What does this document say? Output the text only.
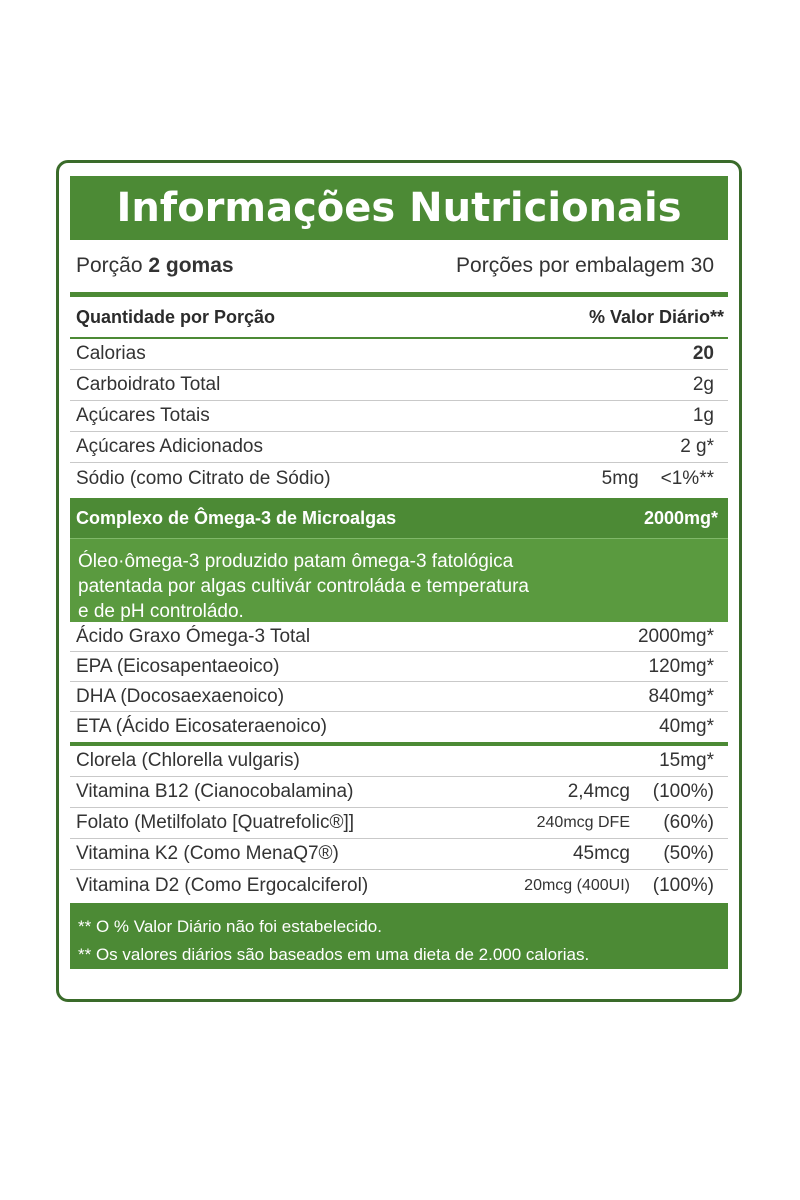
Informações Nutricionais
Porção 2 gomas	Porções por embalagem 30
Quantidade por Porção	% Valor Diário**
Calorias	20
Carboidrato Total	2g
Açúcares Totais	1g
Açúcares Adicionados	2 g*
Sódio (como Citrato de Sódio)	5mg <1%**
Complexo de Ômega-3 de Microalgas	2000mg*
Óleo·ômega-3 produzido patam ômega-3 fatológica
patentada por algas cultivár controláda e temperatura
e de pH controládo.
Ácido Graxo Ómega-3 Total	2000mg*
EPA (Eicosapentaeoico)	120mg*
DHA (Docosaexaenoico)	840mg*
ETA (Ácido Eicosateraenoico)	40mg*
Clorela (Chlorella vulgaris)	15mg*
Vitamina B12 (Cianocobalamina)	2,4mcg	(100%)
Folato (Metilfolato [Quatrefolic®]]	240mcg DFE	(60%)
Vitamina K2 (Como MenaQ7®)	45mcg	(50%)
Vitamina D2 (Como Ergocalciferol)	20mcg (400UI)	(100%)
** O % Valor Diário não foi estabelecido.
** Os valores diários são baseados em uma dieta de 2.000 calorias.
